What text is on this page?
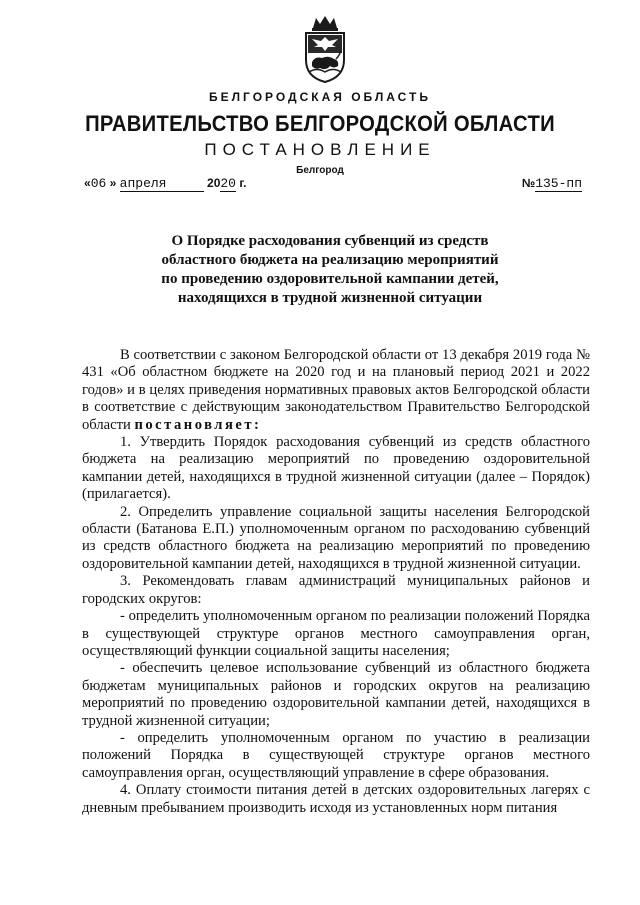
БЕЛГОРОДСКАЯ ОБЛАСТЬ
ПРАВИТЕЛЬСТВО БЕЛГОРОДСКОЙ ОБЛАСТИ
ПОСТАНОВЛЕНИЕ
Белгород
«06 » апреля	2020 г.	№135-пп
О Порядке расходования субвенций из средств
областного бюджета на реализацию мероприятий
по проведению оздоровительной кампании детей,
находящихся в трудной жизненной ситуации

В соответствии с законом Белгородской области от 13 декабря 2019 года № 431 «Об областном бюджете на 2020 год и на плановый период 2021 и 2022 годов» и в целях приведения нормативных правовых актов Белгородской области в соответствие с действующим законодательством Правительство Белгородской области постановляет:

1. Утвердить Порядок расходования субвенций из средств областного бюджета на реализацию мероприятий по проведению оздоровительной кампании детей, находящихся в трудной жизненной ситуации (далее – Порядок) (прилагается).

2. Определить управление социальной защиты населения Белгородской области (Батанова Е.П.) уполномоченным органом по расходованию субвенций из средств областного бюджета на реализацию мероприятий по проведению оздоровительной кампании детей, находящихся в трудной жизненной ситуации.

3. Рекомендовать главам администраций муниципальных районов и городских округов:

- определить уполномоченным органом по реализации положений Порядка в существующей структуре органов местного самоуправления орган, осуществляющий функции социальной защиты населения;

- обеспечить целевое использование субвенций из областного бюджета бюджетам муниципальных районов и городских округов на реализацию мероприятий по проведению оздоровительной кампании детей, находящихся в трудной жизненной ситуации;

- определить уполномоченным органом по участию в реализации положений Порядка в существующей структуре органов местного самоуправления орган, осуществляющий управление в сфере образования.

4. Оплату стоимости питания детей в детских оздоровительных лагерях с дневным пребыванием производить исходя из установленных норм питания
